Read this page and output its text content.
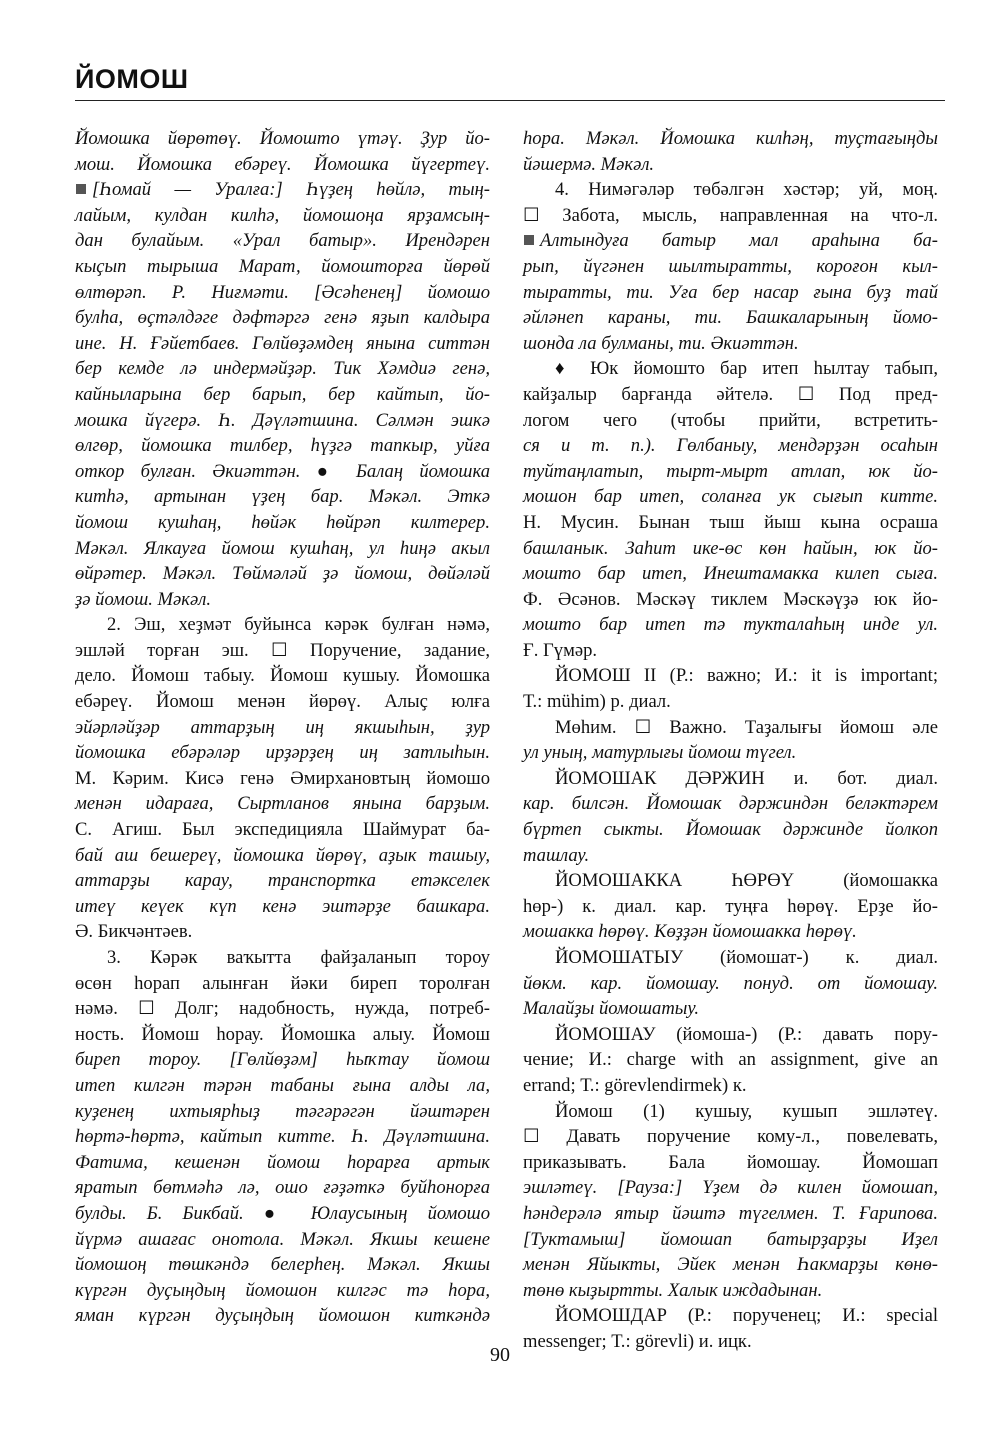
ЙОМОШ
Йомошка йөрөтөү. Йомошто үтәү. Ҙур йо-
мош. Йомошка ебәреү. Йомошка йүгертеү.
[Һомай — Уралға:] Һүҙең һөйлә, тың-
лайым, кулдан килһә, йомошоңа ярҙамсың-
дан булайым. «Урал батыр». Ирендәрен
кыҫып тырыша Марат, йомошторға йөрөй
өлтөрәп. Р. Ниғмәти. [Әсәһенең] йомошо
булһа, өҫтәлдәге дәфтәргә генә яҙып калдыра
ине. Н. Ғәйетбаев. Гөлйөҙәмдең янына ситтән
бер кемде лә индермәйҙәр. Тик Хәмдиә генә,
кайныларына бер барып, бер кайтып, йо-
мошка йүгерә. Һ. Дәүләтшина. Сәлмән эшкә
өлгөр, йомошка тилбер, һүҙгә тапкыр, уйға
откор булған. Әкиәттән. ● Балаң йомошка
китһә, артынан үҙең бар. Мәкәл. Эткә
йомош кушһаң, һөйәк һөйрәп килтерер.
Мәкәл. Ялкауға йомош кушһаң, ул һиңә акыл
өйрәтер. Мәкәл. Төймәләй ҙә йомош, дөйәләй
ҙә йомош. Мәкәл.
2. Эш, хеҙмәт буйынса кәрәк булған нәмә,
эшләй торған эш. ☐ Поручение, задание,
дело. Йомош табыу. Йомош кушыу. Йомошка
ебәреү. Йомош менән йөрөү. Алыҫ юлға
эйәрләйҙәр аттарҙың иң якшыһын, ҙур
йомошка ебәрәләр ирҙәрҙең иң затлыһын.
М. Кәрим. Кисә генә Әмирхановтың йомошо
менән идараға, Сыртланов янына барҙым.
С. Агиш. Был экспедицияла Шаймурат ба-
бай аш бешереү, йомошка йөрөү, аҙык ташыу,
аттарҙы карау, транспортка етәкселек
итеү кеүек күп кенә эштәрҙе башкара.
Ә. Бикчәнтәев.
3. Кәрәк ваҡытта файҙаланып тороу
өсөн һорап алынған йәки биреп торолған
нәмә. ☐ Долг; надобность, нужда, потреб-
ность. Йомош һорау. Йомошка алыу. Йомош
биреп тороу. [Гөлйөҙәм] һыҡтау йомош
итеп килгән тәрән табаны ғына алды ла,
куҙенең ихтыярһыҙ тәгәрәгән йәштәрен
һөртә-һөртә, кайтып китте. Һ. Дәүләтшина.
Фатима, кешенән йомош һорарға артык
яратып бөтмәһә лә, ошо ғәҙәткә буйһонорға
булды. Б. Бикбай. ● Юлаусының йомошо
йүрмә ашағас онотола. Мәкәл. Якшы кешене
йомошоң төшкәндә белерһең. Мәкәл. Якшы
күргән дуҫыңдың йомошон килгәс тә һора,
яман күргән дуҫыңдың йомошон киткәндә
һора. Мәкәл. Йомошка килһәң, туҫтағыңды
йәшермә. Мәкәл.
4. Нимәгәләр төбәлгән хәстәр; уй, моң.
☐ Забота, мысль, направленная на что-л.
Алтындуға батыр мал араһына ба-
рып, йүгәнен шылтыратты, короғон кыл-
тыратты, ти. Уға бер насар ғына буҙ тай
әйләнеп караны, ти. Башкаларының йомо-
шонда ла булманы, ти. Әкиәттән.
♦ Юк йомошто бар итеп һылтау табып,
кайҙалыр барғанда әйтелә. ☐ Под пред-
логом чего (чтобы прийти, встретить-
ся и т. п.). Гөлбаныу, мендәрҙән осаһын
туйтаңлатып, тырт-мырт атлап, юк йо-
мошон бар итеп, соланға ук сығып китте.
Н. Мусин. Бынан тыш йыш кына осраша
башланык. Заһит ике-өс көн һайын, юк йо-
мошто бар итеп, Инештамакка килеп сыға.
Ф. Әсәнов. Мәскәү тиклем Мәскәүҙә юк йо-
мошто бар итеп тә тукталаһың инде ул.
Ғ. Гүмәр.
ЙОМОШ II (Р.: важно; И.: it is important;
Т.: mühim) р. диал.
Мөһим. ☐ Важно. Таҙалығы йомош әле
ул уның, матурлығы йомош түгел.
ЙОМОШАК ДӘРЖИН и. бот. диал.
кар. билсән. Йомошак дәржиндән беләктәрем
бүртеп сыкты. Йомошак дәржинде йолкоп
ташлау.
ЙОМОШАККА ҺӨРӨҮ (йомошакка
һөр-) к. диал. кар. туңға һөрөү. Ерҙе йо-
мошакка һөрөү. Көҙҙән йомошакка һөрөү.
ЙОМОШАТЫУ (йомошат-) к. диал.
йөкм. кар. йомошау. понуд. от йомошау.
Малайҙы йомошатыу.
ЙОМОШАУ (йомоша-) (Р.: давать пору-
чение; И.: charge with an assignment, give an
errand; Т.: görevlendirmek) к.
Йомош (1) кушыу, кушып эшләтеү.
☐ Давать поручение кому-л., повелевать,
приказывать. Бала йомошау. Йомошап
эшләтеү. [Рауза:] Үҙем дә килен йомошап,
һәндерәлә ятыр йәштә түгелмен. Т. Ғарипова.
[Туктамыш] йомошап батырҙарҙы Иҙел
менән Яйыкты, Эйек менән Һакмарҙы көнө-
төнө кыҙыртты. Халык иждадынан.
ЙОМОШДАР (Р.: порученец; И.: special
messenger; Т.: görevli) и. ицк.
90
